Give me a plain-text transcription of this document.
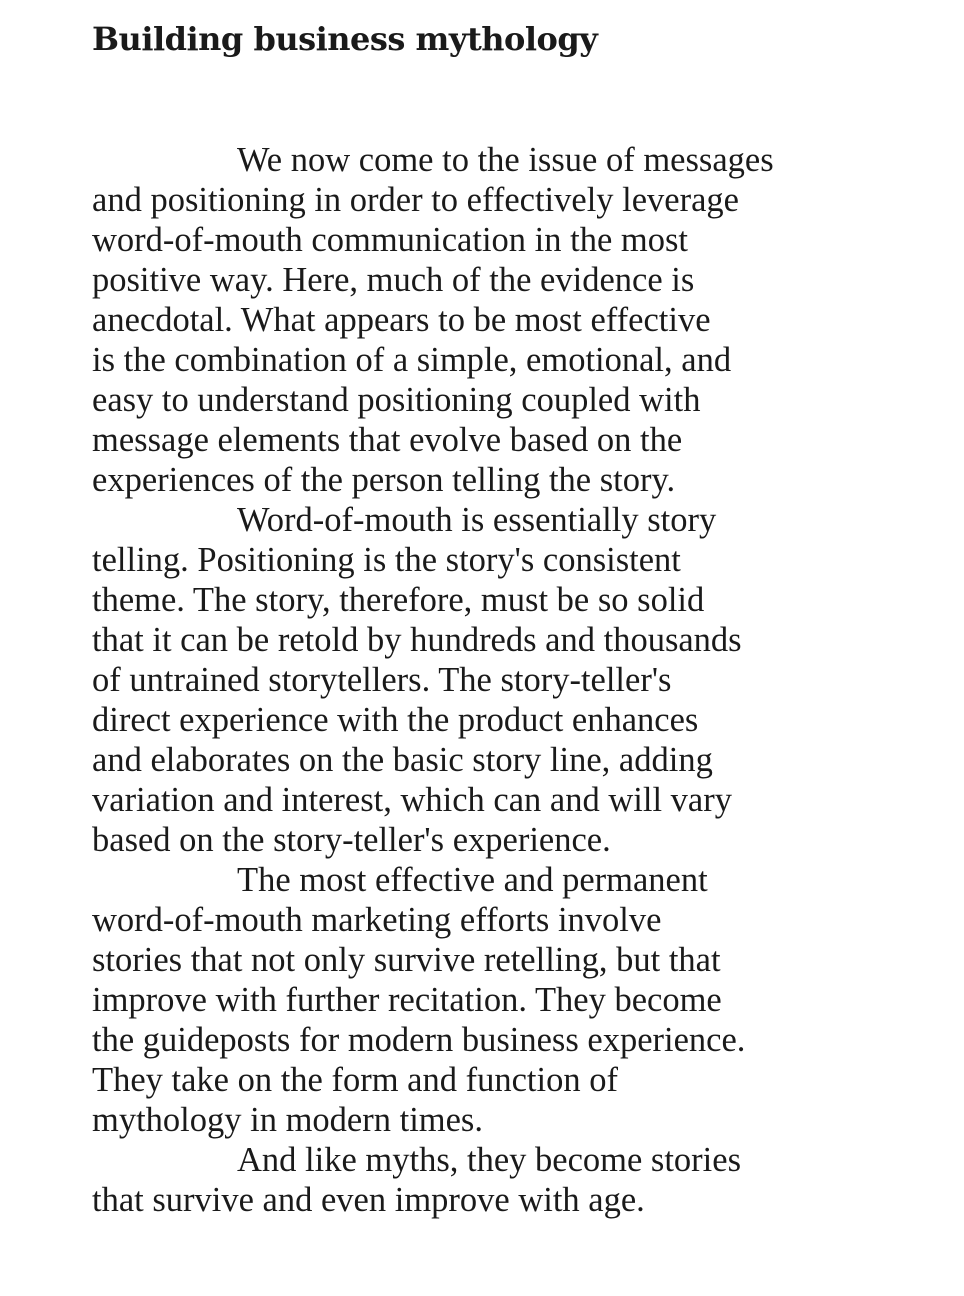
Building business mythology
We now come to the issue of messages
and positioning in order to effectively leverage
word-of-mouth communication in the most
positive way. Here, much of the evidence is
anecdotal. What appears to be most effective
is the combination of a simple, emotional, and
easy to understand positioning coupled with
message elements that evolve based on the
experiences of the person telling the story.
Word-of-mouth is essentially story
telling. Positioning is the story's consistent
theme. The story, therefore, must be so solid
that it can be retold by hundreds and thousands
of untrained storytellers. The story-teller's
direct experience with the product enhances
and elaborates on the basic story line, adding
variation and interest, which can and will vary
based on the story-teller's experience.
The most effective and permanent
word-of-mouth marketing efforts involve
stories that not only survive retelling, but that
improve with further recitation. They become
the guideposts for modern business experience.
They take on the form and function of
mythology in modern times.
And like myths, they become stories
that survive and even improve with age.
